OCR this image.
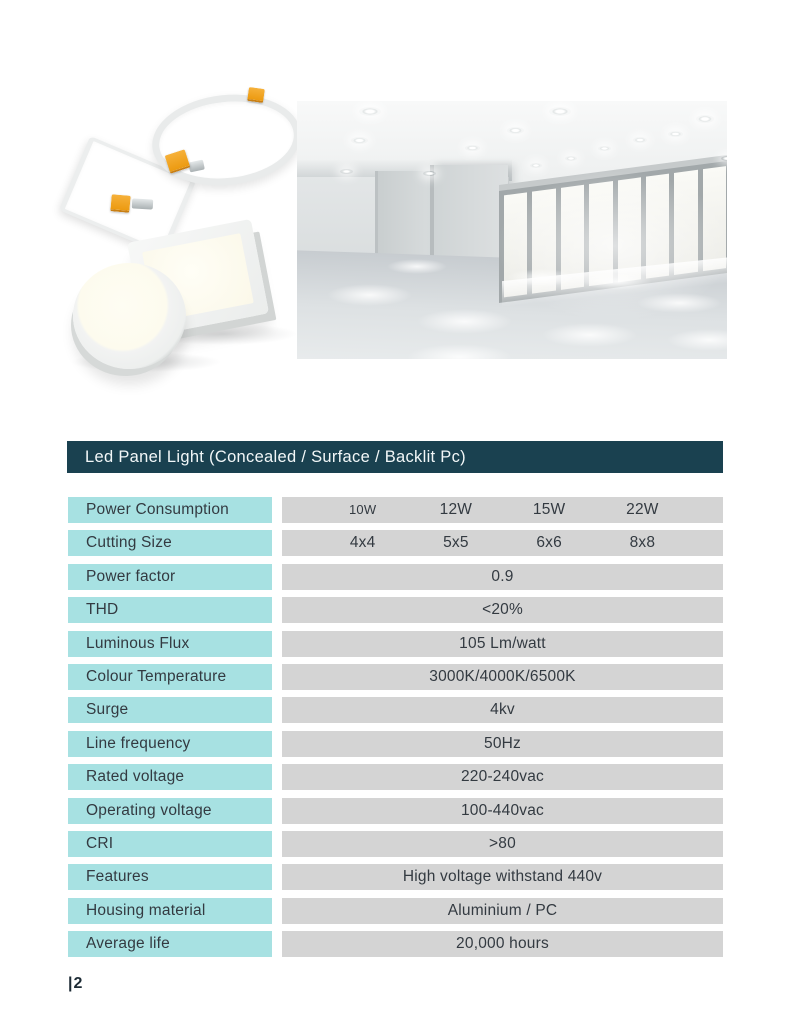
Led Panel Light (Concealed / Surface / Backlit Pc)
Power Consumption	10W	12W	15W	22W
Cutting Size	4x4	5x5	6x6	8x8
Power factor	0.9
THD	<20%
Luminous Flux	105 Lm/watt
Colour Temperature	3000K/4000K/6500K
Surge	4kv
Line frequency	50Hz
Rated voltage	220-240vac
Operating voltage	100-440vac
CRI	>80
Features	High voltage withstand 440v
Housing material	Aluminium / PC
Average life	20,000 hours
|2
